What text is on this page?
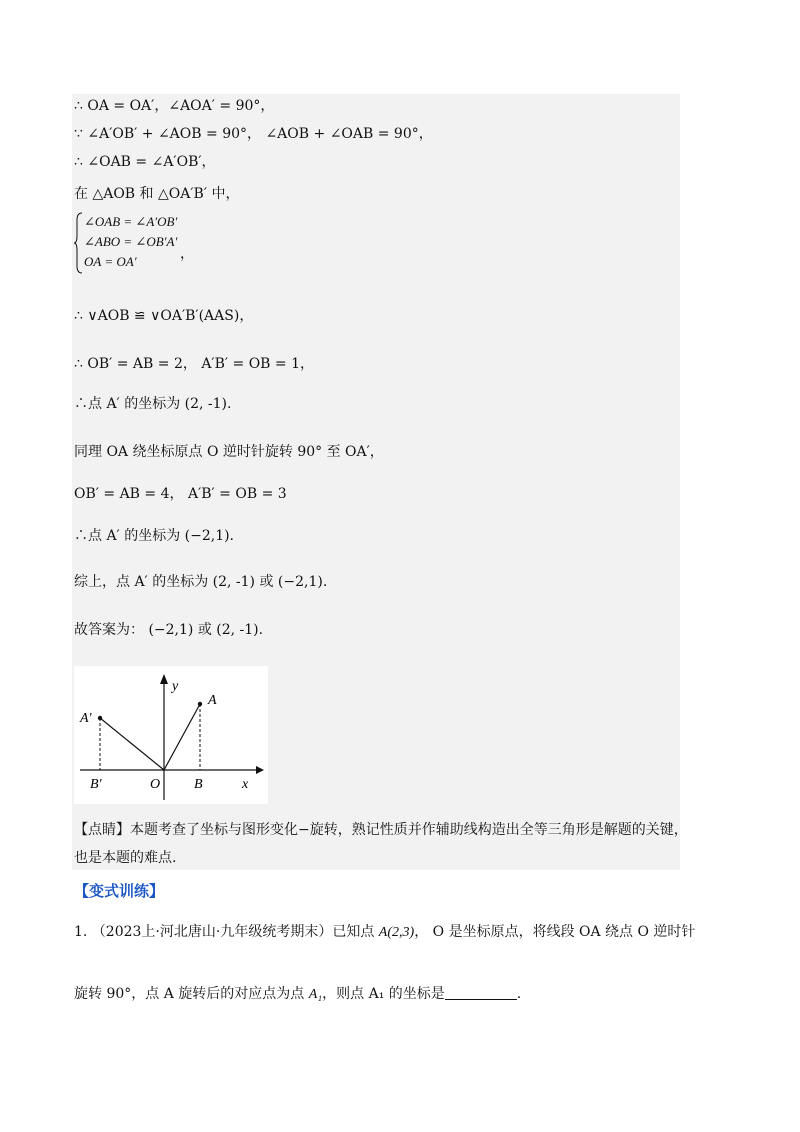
∴ OA = OA′，∠AOA′ = 90°，
∵ ∠A′OB′ + ∠AOB = 90°， ∠AOB + ∠OAB = 90°，
∴ ∠OAB = ∠A′OB′，
在 △AOB 和 △OA′B′ 中，
∠OAB = ∠A′OB′
∠ABO = ∠OB′A′
OA = OA′	，
∴ ∨AOB ≌ ∨OA′B′(AAS)，
∴ OB′ = AB = 2， A′B′ = OB = 1，
∴点 A′ 的坐标为 (2, -1).
同理 OA 绕坐标原点 O 逆时针旋转 90° 至 OA′，
OB′ = AB = 4， A′B′ = OB = 3
∴点 A′ 的坐标为 (−2,1).
综上，点 A′ 的坐标为 (2, -1) 或 (−2,1).
故答案为： (−2,1) 或 (2, -1).
y
A
A′
B′	O B	x
【点睛】本题考查了坐标与图形变化−旋转，熟记性质并作辅助线构造出全等三角形是解题的关键，
也是本题的难点.
【变式训练】
1. （2023上·河北唐山·九年级统考期末）已知点 A(2,3)， O 是坐标原点，将线段 OA 绕点 O 逆时针
旋转 90°，点 A 旋转后的对应点为点 A₁，则点 A₁ 的坐标是	.
